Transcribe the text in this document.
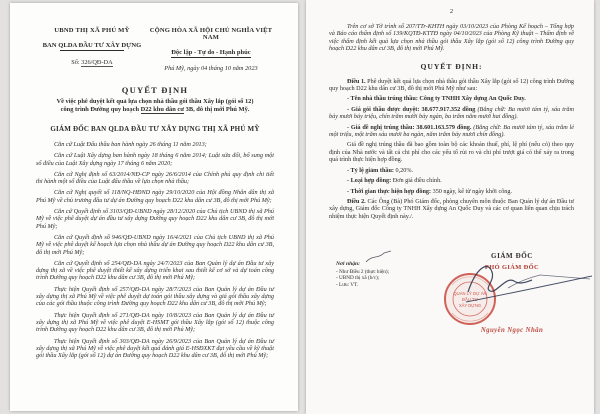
UBND THỊ XÃ PHÚ MỸ
BAN QLDA ĐẦU TƯ XÂY DỰNG
Số: 326/QĐ-DA
CỘNG HÒA XÃ HỘI CHỦ NGHĨA VIỆT NAM
Độc lập - Tự do - Hạnh phúc
Phú Mỹ, ngày 04 tháng 10 năm 2023
QUYẾT ĐỊNH
Về việc phê duyệt kết quả lựa chọn nhà thầu gói thầu Xây lắp (gói số 12)
công trình Đường quy hoạch D22 khu dân cư 3B, đô thị mới Phú Mỹ.
GIÁM ĐỐC BAN QLDA ĐẦU TƯ XÂY DỰNG THỊ XÃ PHÚ MỸ

Căn cứ Luật Đấu thầu ban hành ngày 26 tháng 11 năm 2013;

Căn cứ Luật Xây dựng ban hành ngày 18 tháng 6 năm 2014; Luật sửa đổi, bổ sung một số điều của Luật Xây dựng ngày 17 tháng 6 năm 2020;

Căn cứ Nghị định số 63/2014/NĐ-CP ngày 26/6/2014 của Chính phủ quy định chi tiết thi hành một số điều của Luật đấu thầu về lựa chọn nhà thầu;

Căn cứ Nghị quyết số 118/NQ-HĐND ngày 29/10/2020 của Hội đồng Nhân dân thị xã Phú Mỹ về chủ trương đầu tư dự án Đường quy hoạch D22 khu dân cư 3B, đô thị mới Phú Mỹ;

Căn cứ Quyết định số 3103/QĐ-UBND ngày 28/12/2020 của Chủ tịch UBND thị xã Phú Mỹ về việc phê duyệt dự án đầu tư xây dựng Đường quy hoạch D22 khu dân cư 3B, đô thị mới Phú Mỹ;

Căn cứ Quyết định số 946/QĐ-UBND ngày 16/4/2021 của Chủ tịch UBND thị xã Phú Mỹ về việc phê duyệt kế hoạch lựa chọn nhà thầu dự án Đường quy hoạch D22 khu dân cư 3B, đô thị mới Phú Mỹ;

Căn cứ Quyết định số 254/QĐ-DA ngày 24/7/2023 của Ban Quản lý dự án Đầu tư xây dựng thị xã về việc phê duyệt thiết kế xây dựng triển khai sau thiết kế cơ sở và dự toán công trình Đường quy hoạch D22 khu dân cư 3B, đô thị mới Phú Mỹ;

Thực hiện Quyết định số 257/QĐ-DA ngày 28/7/2023 của Ban Quản lý dự án Đầu tư xây dựng thị xã Phú Mỹ về việc phê duyệt dự toán gói thầu xây dựng và giá gói thầu xây dựng của các gói thầu thuộc công trình Đường quy hoạch D22 khu dân cư 3B, đô thị mới Phú Mỹ;

Thực hiện Quyết định số 271/QĐ-DA ngày 10/8/2023 của Ban Quản lý dự án Đầu tư xây dựng thị xã Phú Mỹ về việc phê duyệt E-HSMT gói thầu Xây lắp (gói số 12) thuộc công trình Đường quy hoạch D22 khu dân cư 3B, đô thị mới Phú Mỹ;

Thực hiện Quyết định số 303/QĐ-DA ngày 26/9/2023 của Ban Quản lý dự án Đầu tư xây dựng thị xã Phú Mỹ về việc phê duyệt kết quả đánh giá E-HSĐXKT đạt yêu cầu về kỹ thuật gói thầu Xây lắp (gói số 12) dự án Đường quy hoạch D22 khu dân cư 3B, đô thị mới Phú Mỹ;

2

Trên cơ sở Tờ trình số 207/TTr-KHTH ngày 03/10/2023 của Phòng Kế hoạch – Tổng hợp và Báo cáo thẩm định số 139/KQTĐ-KTTĐ ngày 04/10/2023 của Phòng Kỹ thuật – Thẩm định về việc thẩm định kết quả lựa chọn nhà thầu gói thầu Xây lắp (gói số 12) công trình Đường quy hoạch D22 khu dân cư 3B, đô thị mới Phú Mỹ.

QUYẾT ĐỊNH:

Điều 1. Phê duyệt kết quả lựa chọn nhà thầu gói thầu Xây lắp (gói số 12) công trình Đường quy hoạch D22 khu dân cư 3B, đô thị mới Phú Mỹ như sau:

- Tên nhà thầu trúng thầu: Công ty TNHH Xây dựng An Quốc Duy.

- Giá gói thầu được duyệt: 38.677.917.352 đồng (Bằng chữ: Ba mươi tám tỷ, sáu trăm bảy mươi bảy triệu, chín trăm mười bảy ngàn, ba trăm năm mươi hai đồng).

- Giá đề nghị trúng thầu: 38.601.163.579 đồng. (Bằng chữ: Ba mươi tám tỷ, sáu trăm lẻ một triệu, một trăm sáu mươi ba ngàn, năm trăm bảy mươi chín đồng).

Giá đề nghị trúng thầu đã bao gồm toàn bộ các khoản thuế, phí, lệ phí (nếu có) theo quy định của Nhà nước và tất cả chi phí cho các yếu tố rủi ro và chi phí trượt giá có thể xảy ra trong quá trình thực hiện hợp đồng.

- Tỷ lệ giảm thầu: 0,20%.

- Loại hợp đồng: Đơn giá điều chỉnh.

- Thời gian thực hiện hợp đồng: 350 ngày, kể từ ngày khởi công.

Điều 2. Các Ông (Bà) Phó Giám đốc, phòng chuyên môn thuộc Ban Quản lý dự án Đầu tư xây dựng, Giám đốc Công ty TNHH Xây dựng An Quốc Duy và các cơ quan liên quan chịu trách nhiệm thực hiện Quyết định này./.

Nơi nhận:
- Như Điều 2 (thực hiện);
- UBND thị xã (b/c);
- Lưu: VT.
GIÁM ĐỐC
PHÓ GIÁM ĐỐC
QUẢN LÝ DỰ ÁN
ĐẦU TƯ
XÂY DỰNG
Nguyễn Ngọc Nhân
